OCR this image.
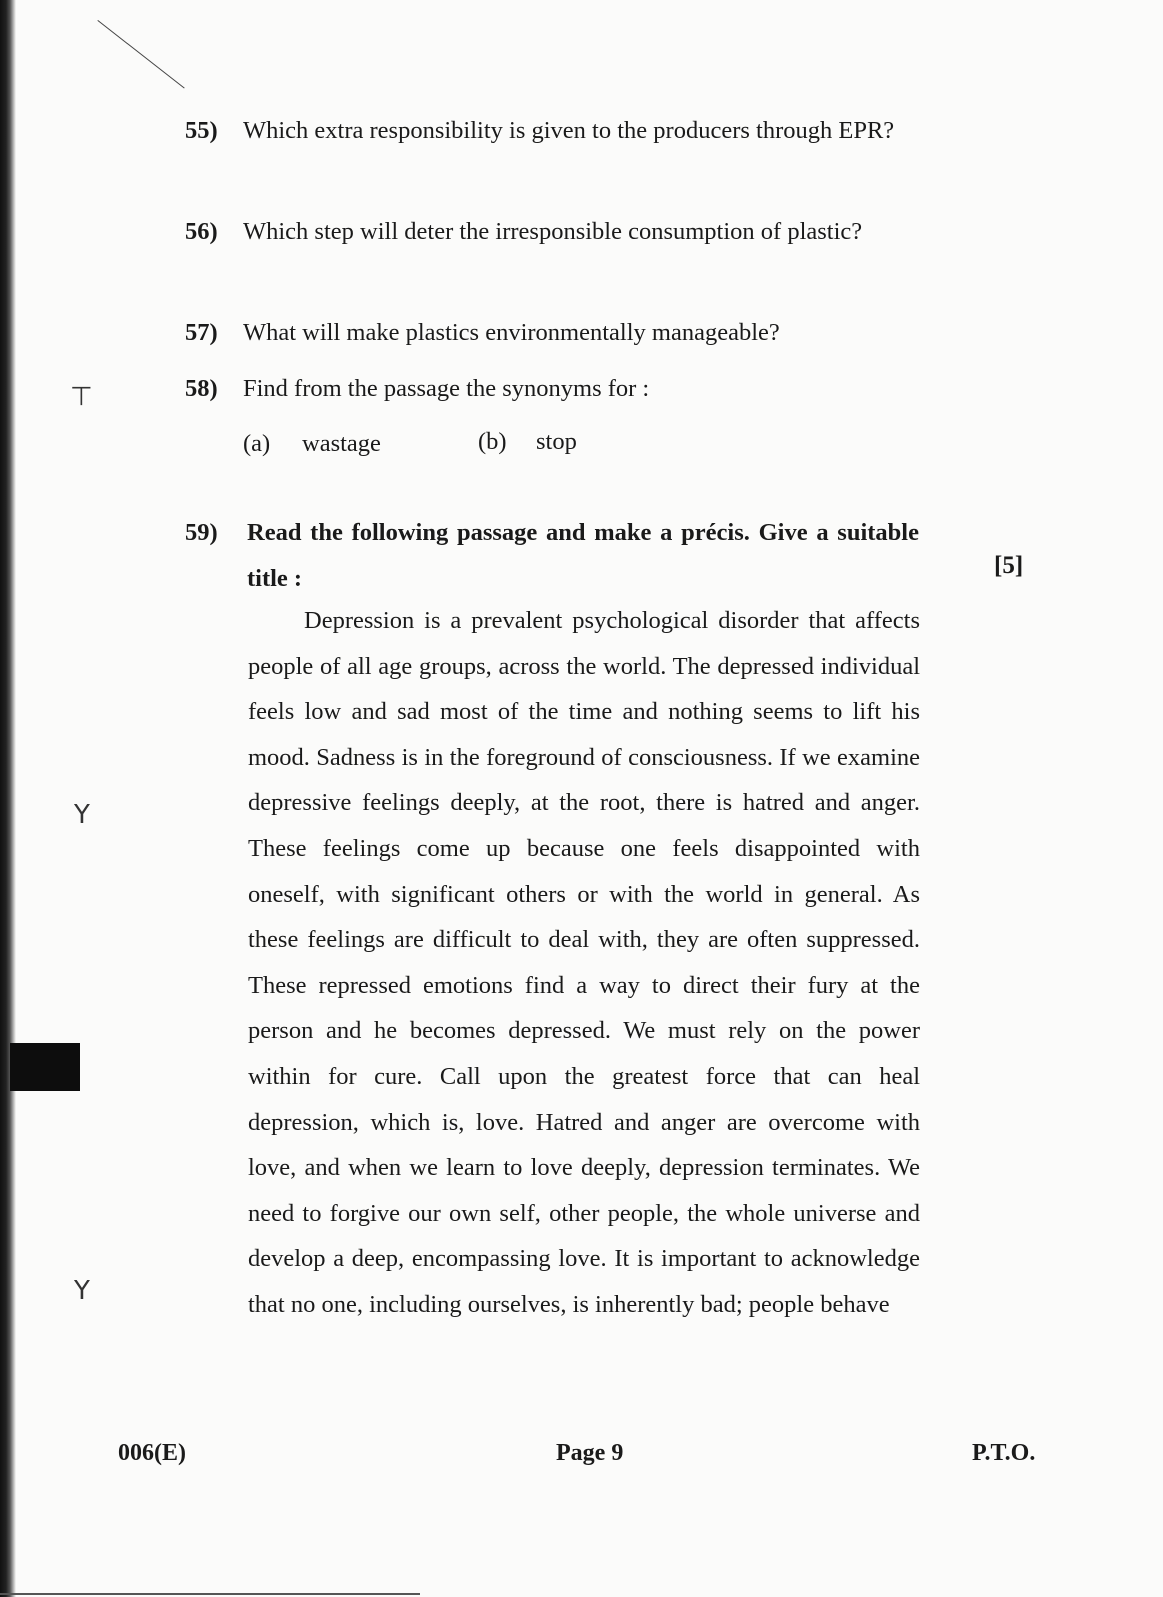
⊤
Y
Y
55)	Which extra responsibility is given to the producers through EPR?
56)	Which step will deter the irresponsible consumption of plastic?
57)	What will make plastics environmentally manageable?
58)	Find from the passage the synonyms for :
(a) wastage	(b) stop
59)	Read the following passage and make a précis. Give a suitable title :	[5]

Depression is a prevalent psychological disorder that affects people of all age groups, across the world. The depressed individual feels low and sad most of the time and nothing seems to lift his mood. Sadness is in the foreground of consciousness. If we examine depressive feelings deeply, at the root, there is hatred and anger. These feelings come up because one feels disappointed with oneself, with significant others or with the world in general. As these feelings are difficult to deal with, they are often suppressed. These repressed emotions find a way to direct their fury at the person and he becomes depressed. We must rely on the power within for cure. Call upon the greatest force that can heal depression, which is, love. Hatred and anger are overcome with love, and when we learn to love deeply, depression terminates. We need to forgive our own self, other people, the whole universe and develop a deep, encompassing love. It is important to acknowledge that no one, including ourselves, is inherently bad; people behave

006(E)	Page 9	P.T.O.
